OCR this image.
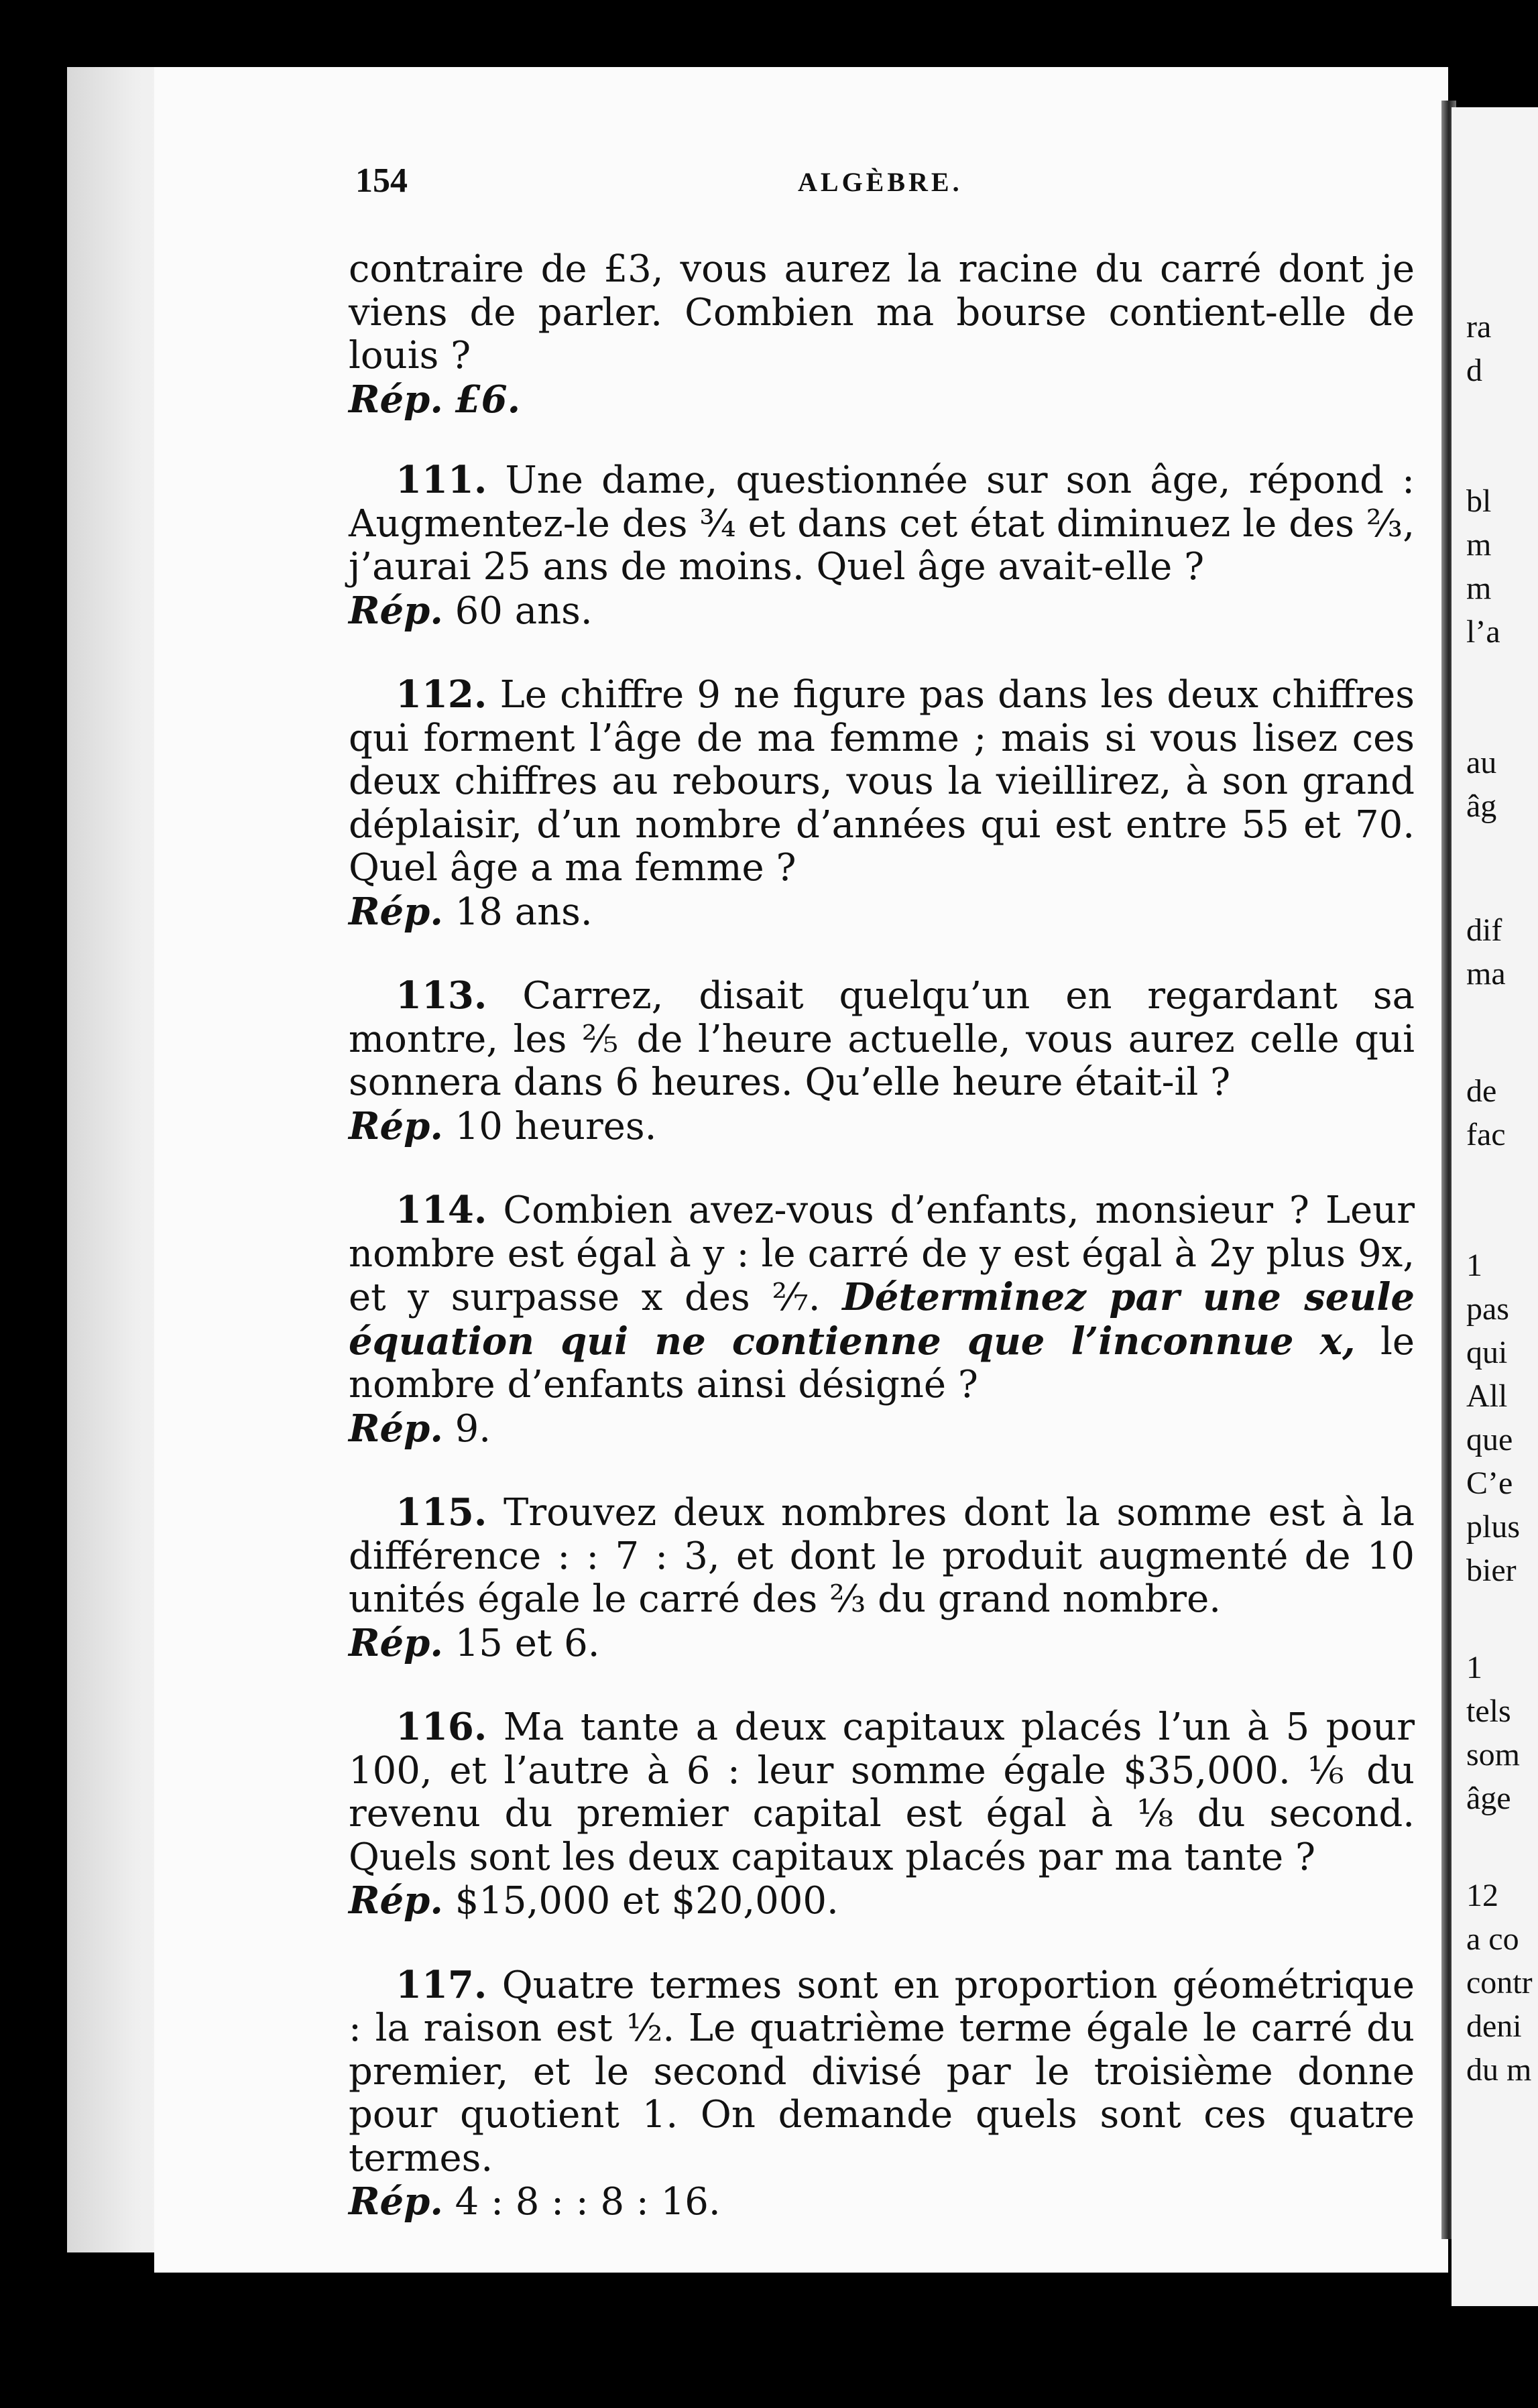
ra

d

bl

m

m

l’a

au

âg

dif

ma

de

fac

1

pas

qui

All

que

C’e

plus

bier

1

tels

som

âge

12

a co

contr

deni

du m

154	ALGÈBRE.

contraire de £3, vous aurez la racine du carré dont je viens de parler. Combien ma bourse contient-elle de louis ?
Rép. £6.

111. Une dame, questionnée sur son âge, répond : Augmentez-le des ¾ et dans cet état diminuez le des ⅔, j’aurai 25 ans de moins. Quel âge avait-elle ?
Rép. 60 ans.

112. Le chiffre 9 ne figure pas dans les deux chiffres qui forment l’âge de ma femme ; mais si vous lisez ces deux chiffres au rebours, vous la vieillirez, à son grand déplaisir, d’un nombre d’années qui est entre 55 et 70. Quel âge a ma femme ?
Rép. 18 ans.

113. Carrez, disait quelqu’un en regardant sa montre, les ⅖ de l’heure actuelle, vous aurez celle qui sonnera dans 6 heures. Qu’elle heure était-il ?
Rép. 10 heures.

114. Combien avez-vous d’enfants, monsieur ? Leur nombre est égal à y : le carré de y est égal à 2y plus 9x, et y surpasse x des ²⁄₇. Déterminez par une seule équation qui ne contienne que l’inconnue x, le nombre d’enfants ainsi désigné ?
Rép. 9.

115. Trouvez deux nombres dont la somme est à la différence : : 7 : 3, et dont le produit augmenté de 10 unités égale le carré des ⅔ du grand nombre.
Rép. 15 et 6.

116. Ma tante a deux capitaux placés l’un à 5 pour 100, et l’autre à 6 : leur somme égale $35,000. ⅙ du revenu du premier capital est égal à ⅛ du second. Quels sont les deux capitaux placés par ma tante ?
Rép. $15,000 et $20,000.

117. Quatre termes sont en proportion géométrique : la raison est ½. Le quatrième terme égale le carré du premier, et le second divisé par le troisième donne pour quotient 1. On demande quels sont ces quatre termes.
Rép. 4 : 8 : : 8 : 16.
